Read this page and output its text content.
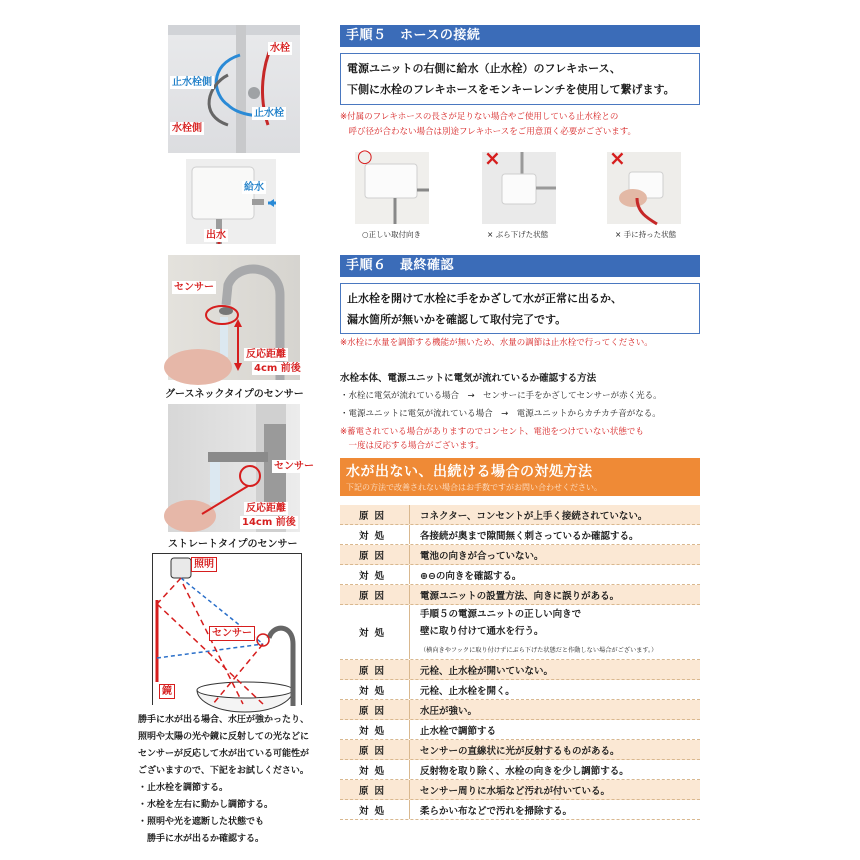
水栓
止水栓側
止水栓
水栓側
給水
出水
センサー
反応距離
4cm 前後
グースネックタイプのセンサー
センサー
反応距離
14cm 前後
ストレートタイプのセンサー
照明
センサー
鏡
勝手に水が出る場合、水圧が強かったり、
照明や太陽の光や鏡に反射しての光などに
センサーが反応して水が出ている可能性が
ございますので、下記をお試しください。
・止水栓を調節する。
・水栓を左右に動かし調節する。
・照明や光を遮断した状態でも
　勝手に水が出るか確認する。
手順５　ホースの接続
電源ユニットの右側に給水（止水栓）のフレキホース、
下側に水栓のフレキホースをモンキーレンチを使用して繋げます。
※付属のフレキホースの長さが足りない場合やご使用している止水栓との
　呼び径が合わない場合は別途フレキホースをご用意頂く必要がございます。
○
○正しい取付向き
×
× ぶら下げた状態
×
× 手に持った状態
手順６　最終確認
止水栓を開けて水栓に手をかざして水が正常に出るか、
漏水箇所が無いかを確認して取付完了です。
※水栓に水量を調節する機能が無いため、水量の調節は止水栓で行ってください。
水栓本体、電源ユニットに電気が流れているか確認する方法
・水栓に電気が流れている場合　→　センサーに手をかざしてセンサーが赤く光る。
・電源ユニットに電気が流れている場合　→　電源ユニットからカチカチ音がなる。
※蓄電されている場合がありますのでコンセント、電池をつけていない状態でも
　一度は反応する場合がございます。
水が出ない、出続ける場合の対処方法
下記の方法で改善されない場合はお手数ですがお問い合わせください。
原因	コネクター、コンセントが上手く接続されていない。
対処	各接続が奥まで隙間無く刺さっているか確認する。
原因	電池の向きが合っていない。
対処	⊕⊖の向きを確認する。
原因	電源ユニットの設置方法、向きに誤りがある。
対処
手順５の電源ユニットの正しい向きで
壁に取り付けて通水を行う。
（横向きやフックに取り付けずにぶら下げた状態だと作動しない場合がございます。）
原因	元栓、止水栓が開いていない。
対処	元栓、止水栓を開く。
原因	水圧が強い。
対処	止水栓で調節する
原因	センサーの直線状に光が反射するものがある。
対処	反射物を取り除く、水栓の向きを少し調節する。
原因	センサー周りに水垢など汚れが付いている。
対処	柔らかい布などで汚れを掃除する。
